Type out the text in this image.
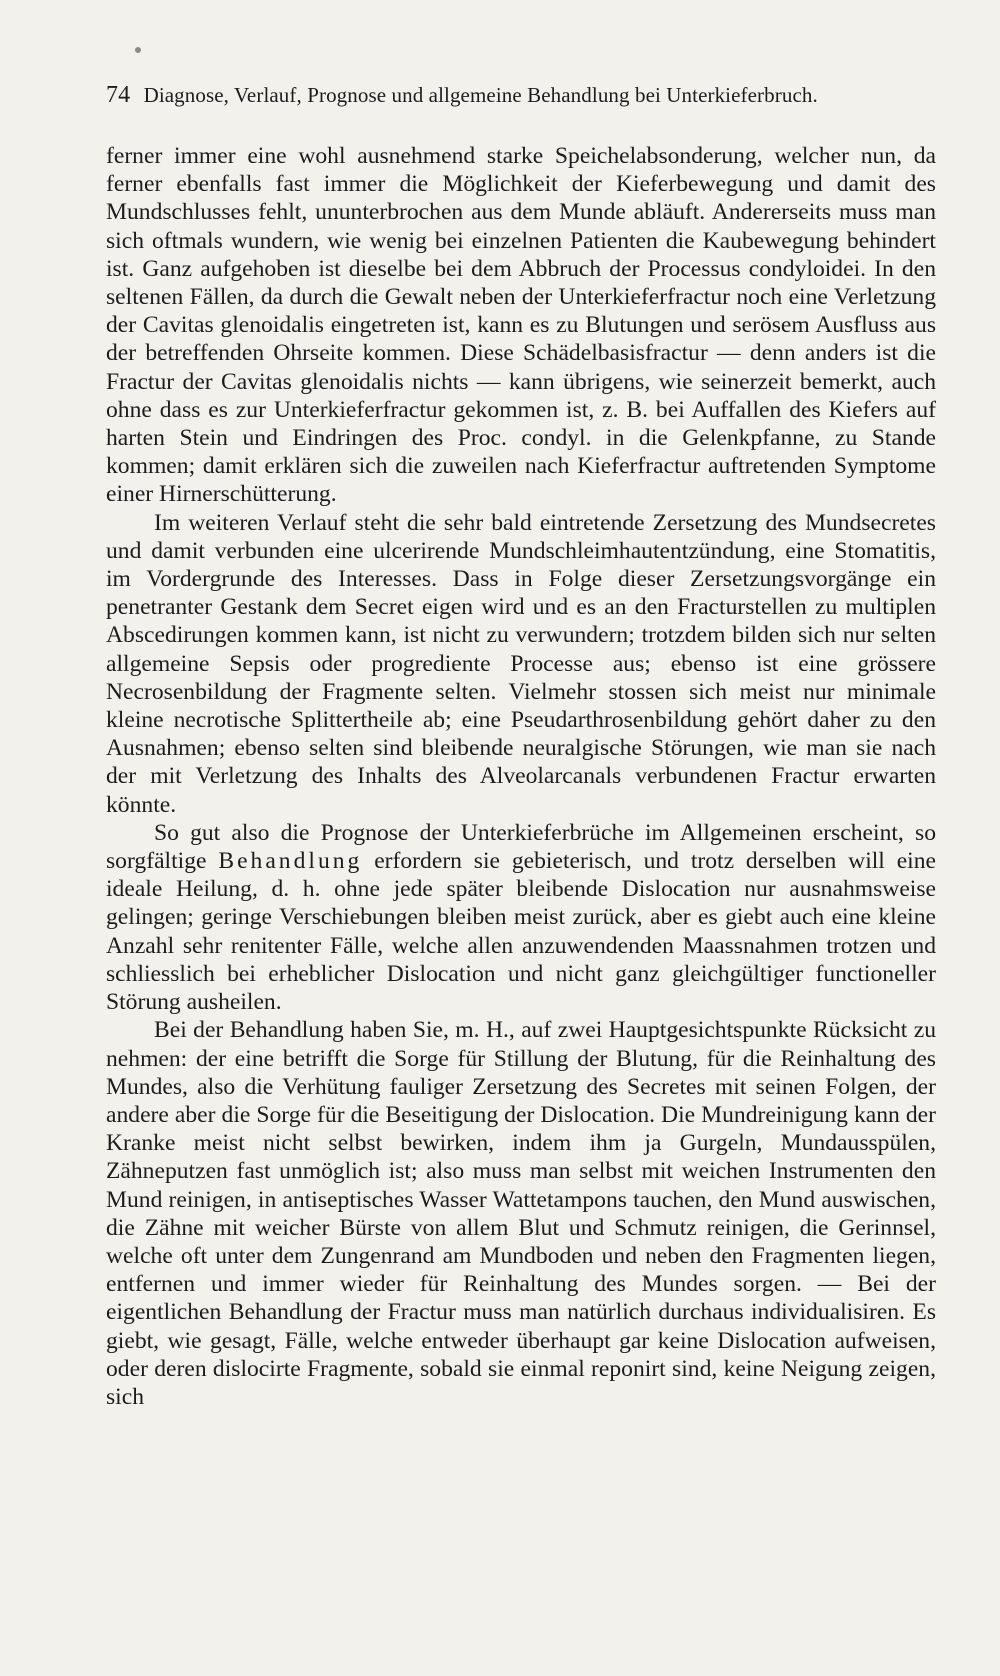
74 Diagnose, Verlauf, Prognose und allgemeine Behandlung bei Unterkieferbruch.

ferner immer eine wohl ausnehmend starke Speichelabsonderung, welcher nun, da ferner ebenfalls fast immer die Möglichkeit der Kieferbewegung und damit des Mundschlusses fehlt, ununterbrochen aus dem Munde abläuft. Andererseits muss man sich oftmals wundern, wie wenig bei einzelnen Patienten die Kaubewegung behindert ist. Ganz aufgehoben ist dieselbe bei dem Abbruch der Processus condyloidei. In den seltenen Fällen, da durch die Gewalt neben der Unterkieferfractur noch eine Verletzung der Cavitas glenoidalis eingetreten ist, kann es zu Blutungen und serösem Ausfluss aus der betreffenden Ohrseite kommen. Diese Schädelbasisfractur — denn anders ist die Fractur der Cavitas glenoidalis nichts — kann übrigens, wie seinerzeit bemerkt, auch ohne dass es zur Unterkieferfractur gekommen ist, z. B. bei Auffallen des Kiefers auf harten Stein und Eindringen des Proc. condyl. in die Gelenkpfanne, zu Stande kommen; damit erklären sich die zuweilen nach Kieferfractur auftretenden Symptome einer Hirnerschütterung.

Im weiteren Verlauf steht die sehr bald eintretende Zersetzung des Mundsecretes und damit verbunden eine ulcerirende Mundschleimhautentzündung, eine Stomatitis, im Vordergrunde des Interesses. Dass in Folge dieser Zersetzungsvorgänge ein penetranter Gestank dem Secret eigen wird und es an den Fracturstellen zu multiplen Abscedirungen kommen kann, ist nicht zu verwundern; trotzdem bilden sich nur selten allgemeine Sepsis oder progrediente Processe aus; ebenso ist eine grössere Necrosenbildung der Fragmente selten. Vielmehr stossen sich meist nur minimale kleine necrotische Splittertheile ab; eine Pseudarthrosenbildung gehört daher zu den Ausnahmen; ebenso selten sind bleibende neuralgische Störungen, wie man sie nach der mit Verletzung des Inhalts des Alveolarcanals verbundenen Fractur erwarten könnte.

So gut also die Prognose der Unterkieferbrüche im Allgemeinen erscheint, so sorgfältige Behandlung erfordern sie gebieterisch, und trotz derselben will eine ideale Heilung, d. h. ohne jede später bleibende Dislocation nur ausnahmsweise gelingen; geringe Verschiebungen bleiben meist zurück, aber es giebt auch eine kleine Anzahl sehr renitenter Fälle, welche allen anzuwendenden Maassnahmen trotzen und schliesslich bei erheblicher Dislocation und nicht ganz gleichgültiger functioneller Störung ausheilen.

Bei der Behandlung haben Sie, m. H., auf zwei Hauptgesichtspunkte Rücksicht zu nehmen: der eine betrifft die Sorge für Stillung der Blutung, für die Reinhaltung des Mundes, also die Verhütung fauliger Zersetzung des Secretes mit seinen Folgen, der andere aber die Sorge für die Beseitigung der Dislocation. Die Mundreinigung kann der Kranke meist nicht selbst bewirken, indem ihm ja Gurgeln, Mundausspülen, Zähneputzen fast unmöglich ist; also muss man selbst mit weichen Instrumenten den Mund reinigen, in antiseptisches Wasser Wattetampons tauchen, den Mund auswischen, die Zähne mit weicher Bürste von allem Blut und Schmutz reinigen, die Gerinnsel, welche oft unter dem Zungenrand am Mundboden und neben den Fragmenten liegen, entfernen und immer wieder für Reinhaltung des Mundes sorgen. — Bei der eigentlichen Behandlung der Fractur muss man natürlich durchaus individualisiren. Es giebt, wie gesagt, Fälle, welche entweder überhaupt gar keine Dislocation aufweisen, oder deren dislocirte Fragmente, sobald sie einmal reponirt sind, keine Neigung zeigen, sich
